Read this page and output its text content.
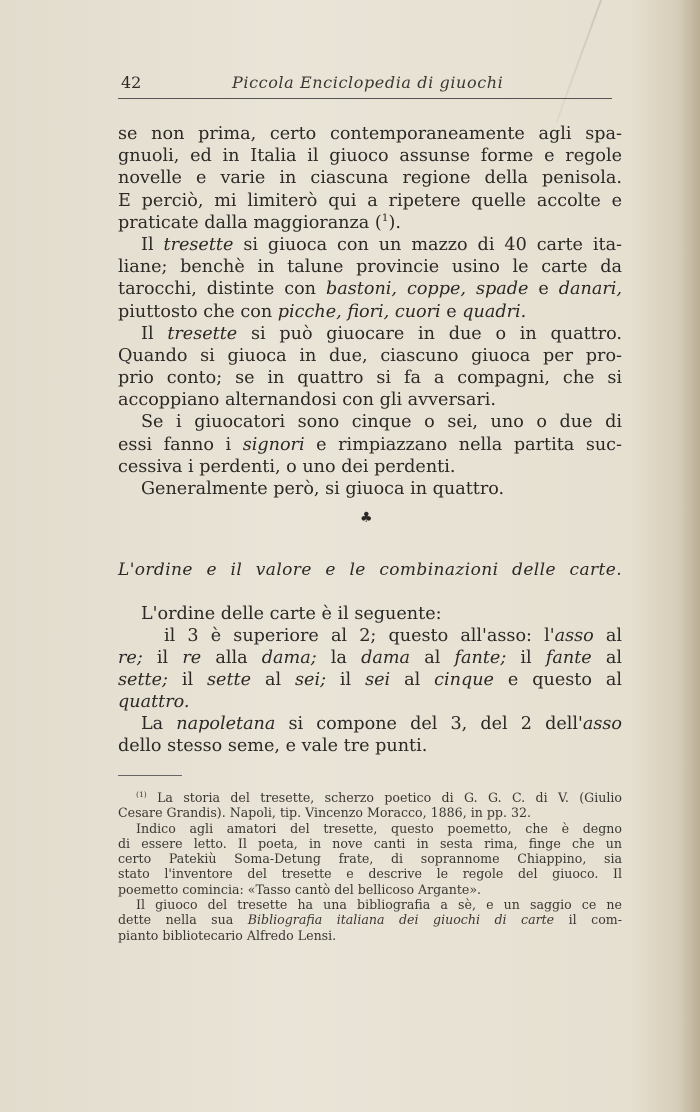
42	Piccola Enciclopedia di giuochi
se non prima, certo contemporaneamente agli spa-
gnuoli, ed in Italia il giuoco assunse forme e regole
novelle e varie in ciascuna regione della penisola.
E perciò, mi limiterò qui a ripetere quelle accolte e
praticate dalla maggioranza ($^1$).
Il tresette si giuoca con un mazzo di 40 carte ita-
liane; benchè in talune provincie usino le carte da
tarocchi, distinte con bastoni, coppe, spade e danari,
piuttosto che con picche, fiori, cuori e quadri.
Il tresette si può giuocare in due o in quattro.
Quando si giuoca in due, ciascuno giuoca per pro-
prio conto; se in quattro si fa a compagni, che si
accoppiano alternandosi con gli avversari.
Se i giuocatori sono cinque o sei, uno o due di
essi fanno i signori e rimpiazzano nella partita suc-
cessiva i perdenti, o uno dei perdenti.
Generalmente però, si giuoca in quattro.
♣
L'ordine e il valore e le combinazioni delle carte.
L'ordine delle carte è il seguente:
il 3 è superiore al 2; questo all'asso: l'asso al
re; il re alla dama; la dama al fante; il fante al
sette; il sette al sei; il sei al cinque e questo al
quattro.
La napoletana si compone del 3, del 2 dell'asso
dello stesso seme, e vale tre punti.
$^{(1)}$ La storia del tresette, scherzo poetico di G. G. C. di V. (Giulio
Cesare Grandis). Napoli, tip. Vincenzo Moracco, 1886, in pp. 32.
Indico agli amatori del tresette, questo poemetto, che è degno
di essere letto. Il poeta, in nove canti in sesta rima, finge che un
certo Patekiù Soma-Detung frate, di soprannome Chiappino, sia
stato l'inventore del tresette e descrive le regole del giuoco. Il
poemetto comincia: «Tasso cantò del bellicoso Argante».
Il giuoco del tresette ha una bibliografia a sè, e un saggio ce ne
dette nella sua Bibliografia italiana dei giuochi di carte il com-
pianto bibliotecario Alfredo Lensi.
